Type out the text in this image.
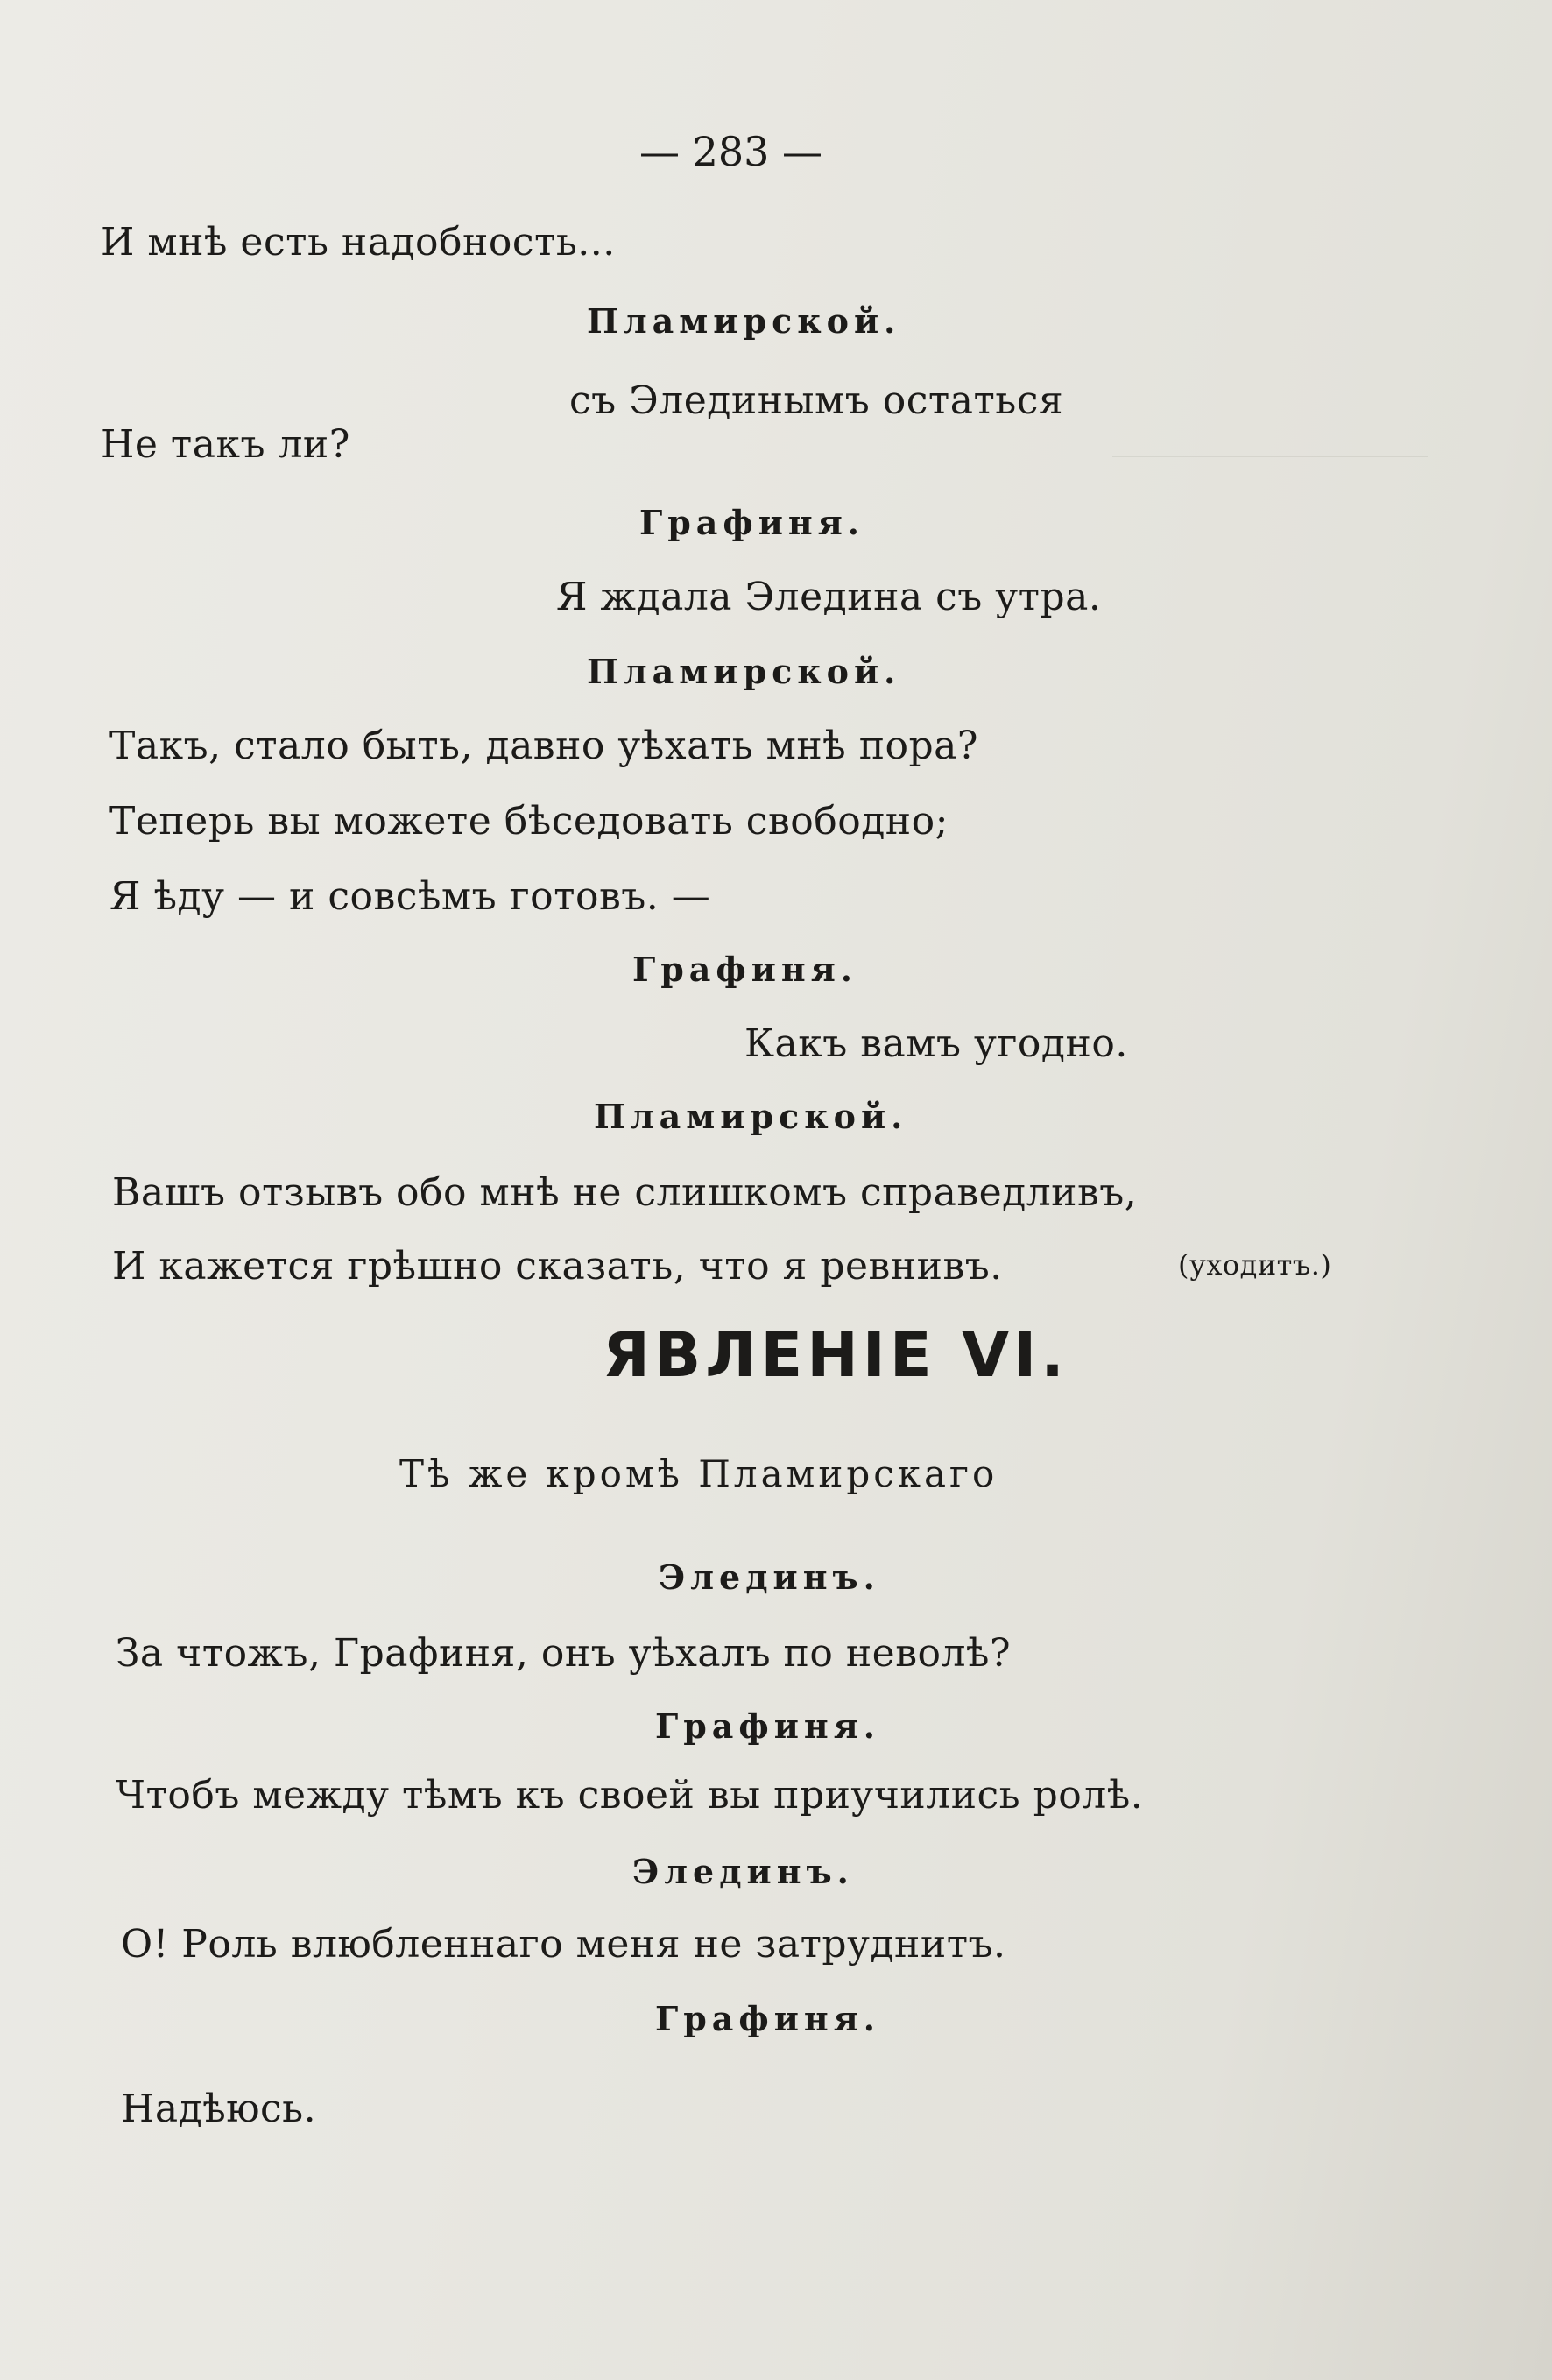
— 283 —
И мнѣ есть надобность...
Пламирской.
съ Элединымъ остаться
Не такъ ли?
Графиня.
Я ждала Эледина съ утра.
Пламирской.
Такъ, стало быть, давно уѣхать мнѣ пора?
Теперь вы можете бѣседовать свободно;
Я ѣду — и совсѣмъ готовъ. —
Графиня.
Какъ вамъ угодно.
Пламирской.
Вашъ отзывъ обо мнѣ не слишкомъ справедливъ,
И кажется грѣшно сказать, что я ревнивъ.	(уходитъ.)
ЯВЛЕНІЕ VI.
Тѣ же кромѣ Пламирскаго
Элединъ.
За чтожъ, Графиня, онъ уѣхалъ по неволѣ?
Графиня.
Чтобъ между тѣмъ къ своей вы приучились ролѣ.
Элединъ.
О! Роль влюбленнаго меня не затруднитъ.
Графиня.
Надѣюсь.
